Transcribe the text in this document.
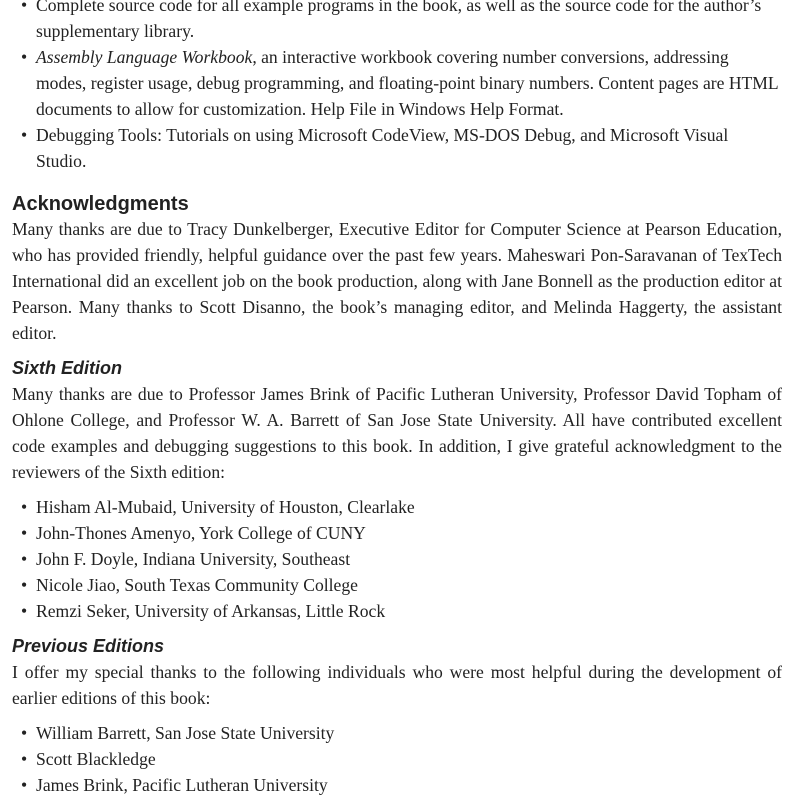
• Complete source code for all example programs in the book, as well as the source code for the author’s supplementary library.
• Assembly Language Workbook, an interactive workbook covering number conversions, addressing modes, register usage, debug programming, and floating-point binary numbers. Content pages are HTML documents to allow for customization. Help File in Windows Help Format.
• Debugging Tools: Tutorials on using Microsoft CodeView, MS-DOS Debug, and Microsoft Visual Studio.
Acknowledgments

Many thanks are due to Tracy Dunkelberger, Executive Editor for Computer Science at Pearson Education, who has provided friendly, helpful guidance over the past few years. Maheswari Pon-Saravanan of TexTech International did an excellent job on the book production, along with Jane Bonnell as the production editor at Pearson. Many thanks to Scott Disanno, the book’s managing editor, and Melinda Haggerty, the assistant editor.

Sixth Edition

Many thanks are due to Professor James Brink of Pacific Lutheran University, Professor David Topham of Ohlone College, and Professor W. A. Barrett of San Jose State University. All have contributed excellent code examples and debugging suggestions to this book. In addition, I give grateful acknowledgment to the reviewers of the Sixth edition:

• Hisham Al-Mubaid, University of Houston, Clearlake
• John-Thones Amenyo, York College of CUNY
• John F. Doyle, Indiana University, Southeast
• Nicole Jiao, South Texas Community College
• Remzi Seker, University of Arkansas, Little Rock
Previous Editions

I offer my special thanks to the following individuals who were most helpful during the development of earlier editions of this book:

• William Barrett, San Jose State University
• Scott Blackledge
• James Brink, Pacific Lutheran University
